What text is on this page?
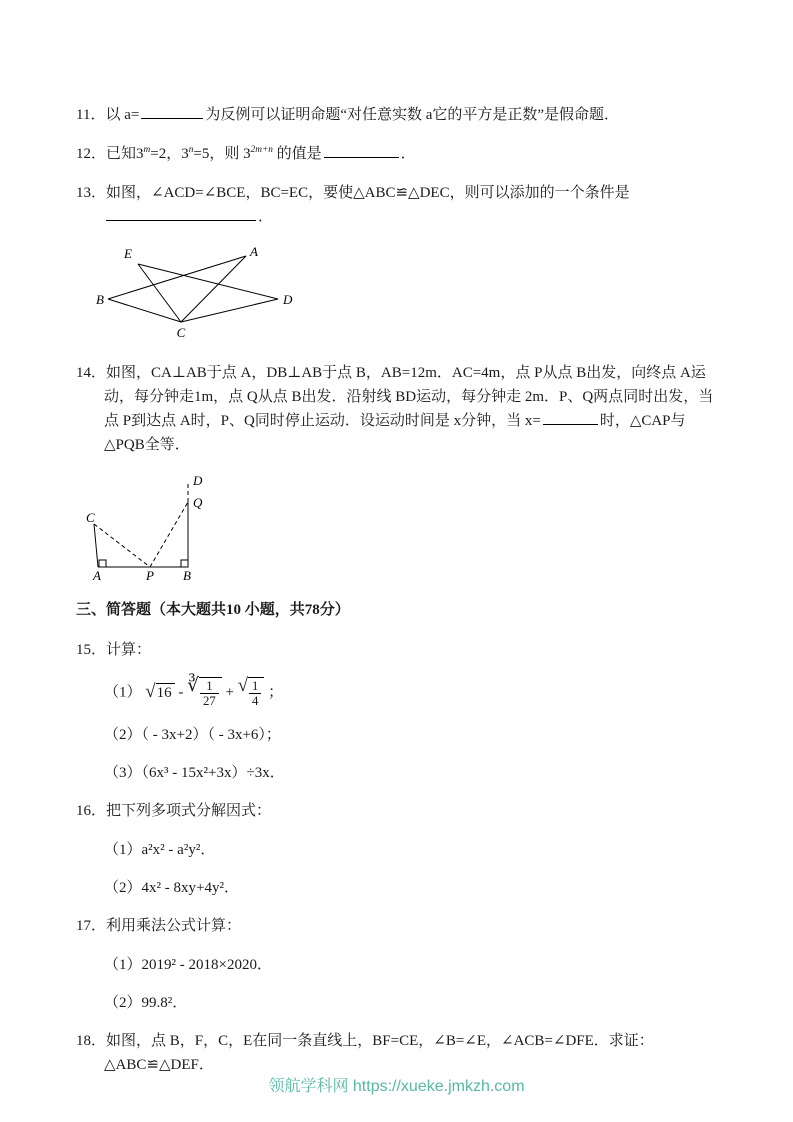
11．以 a=	为反例可以证明命题“对任意实数 a它的平方是正数”是假命题．

12．已知$3^m=2$，$3^n=5$，则 $3^{2m+n}$ 的值是	．

13．如图，∠ACD=∠BCE，BC=EC，要使△ABC≌△DEC，则可以添加的一个条件是．

E	A
B	D
C

14．如图，CA⊥AB于点 A，DB⊥AB于点 B，AB=12m．AC=4m，点 P从点 B出发，向终点 A运动，每分钟走1m，点 Q从点 B出发．沿射线 BD运动，每分钟走 2m．P、Q两点同时出发，当点 P到达点 A时，P、Q同时停止运动．设运动时间是 x分钟，当 x=	时，△CAP与△PQB全等．

C
A	P B
Q
D

三、简答题（本大题共10 小题，共78分）

15．计算：

（1） √ 16 - ∛ $\frac{1}{27}$ + √ $\frac{1}{4}$ ；
（2）（ - 3x+2）（ - 3x+6）；
（3）（6x³ - 15x²+3x）÷3x．

16．把下列多项式分解因式：

（1）a²x² - a²y²．
（2）4x² - 8xy+4y²．

17．利用乘法公式计算：

（1）2019² - 2018×2020．
（2）99.8²．

18．如图，点 B，F，C，E在同一条直线上，BF=CE，∠B=∠E，∠ACB=∠DFE．求证：△ABC≌△DEF．

领航学科网 https://xueke.jmkzh.com
